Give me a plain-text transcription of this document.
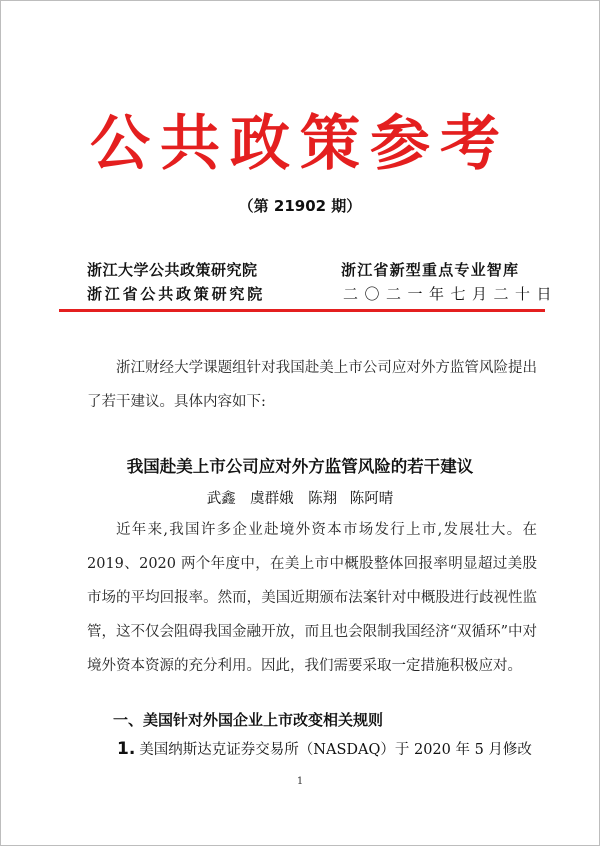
公共政策参考
（第 21902 期）
浙江大学公共政策研究院
浙江省公共政策研究院
浙江省新型重点专业智库
二〇二一年七月二十日
浙江财经大学课题组针对我国赴美上市公司应对外方监管风险提出了若干建议。具体内容如下:
我国赴美上市公司应对外方监管风险的若干建议
武鑫　虞群娥　陈翔 陈阿晴
近年来,我国许多企业赴境外资本市场发行上市,发展壮大。在 2019、2020 两个年度中，在美上市中概股整体回报率明显超过美股市场的平均回报率。然而，美国近期颁布法案针对中概股进行歧视性监管，这不仅会阻碍我国金融开放，而且也会限制我国经济“双循环”中对境外资本资源的充分利用。因此，我们需要采取一定措施积极应对。
一、美国针对外国企业上市改变相关规则
1. 美国纳斯达克证券交易所（NASDAQ）于 2020 年 5 月修改
1
